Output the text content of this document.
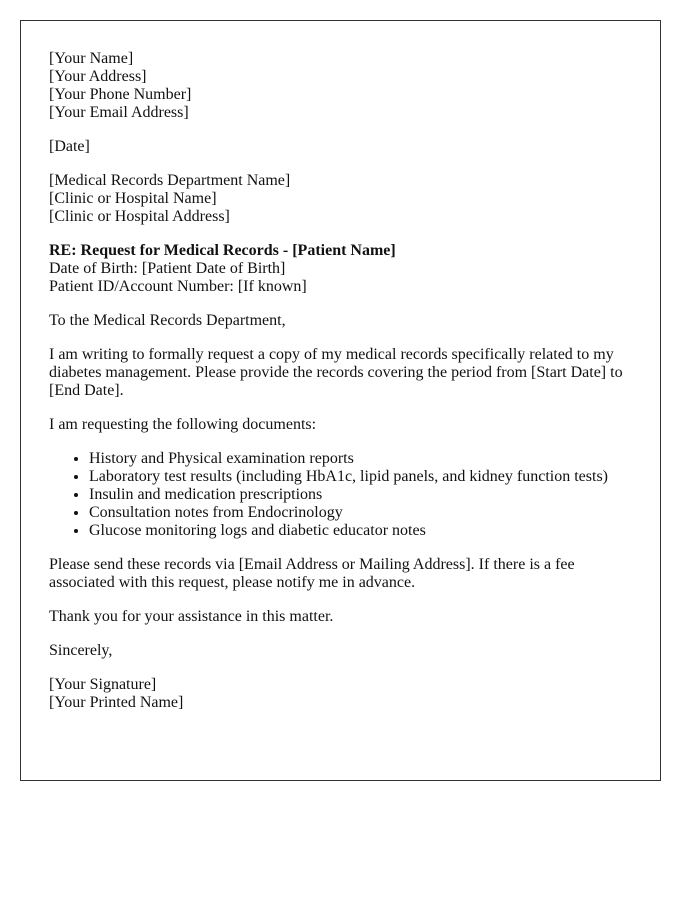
[Your Name]
[Your Address]
[Your Phone Number]
[Your Email Address]
[Date]
[Medical Records Department Name]
[Clinic or Hospital Name]
[Clinic or Hospital Address]
RE: Request for Medical Records - [Patient Name]
Date of Birth: [Patient Date of Birth]
Patient ID/Account Number: [If known]

To the Medical Records Department,

I am writing to formally request a copy of my medical records specifically related to my diabetes management. Please provide the records covering the period from [Start Date] to [End Date].

I am requesting the following documents:

• History and Physical examination reports
• Laboratory test results (including HbA1c, lipid panels, and kidney function tests)
• Insulin and medication prescriptions
• Consultation notes from Endocrinology
• Glucose monitoring logs and diabetic educator notes

Please send these records via [Email Address or Mailing Address]. If there is a fee associated with this request, please notify me in advance.

Thank you for your assistance in this matter.

Sincerely,

[Your Signature]
[Your Printed Name]
